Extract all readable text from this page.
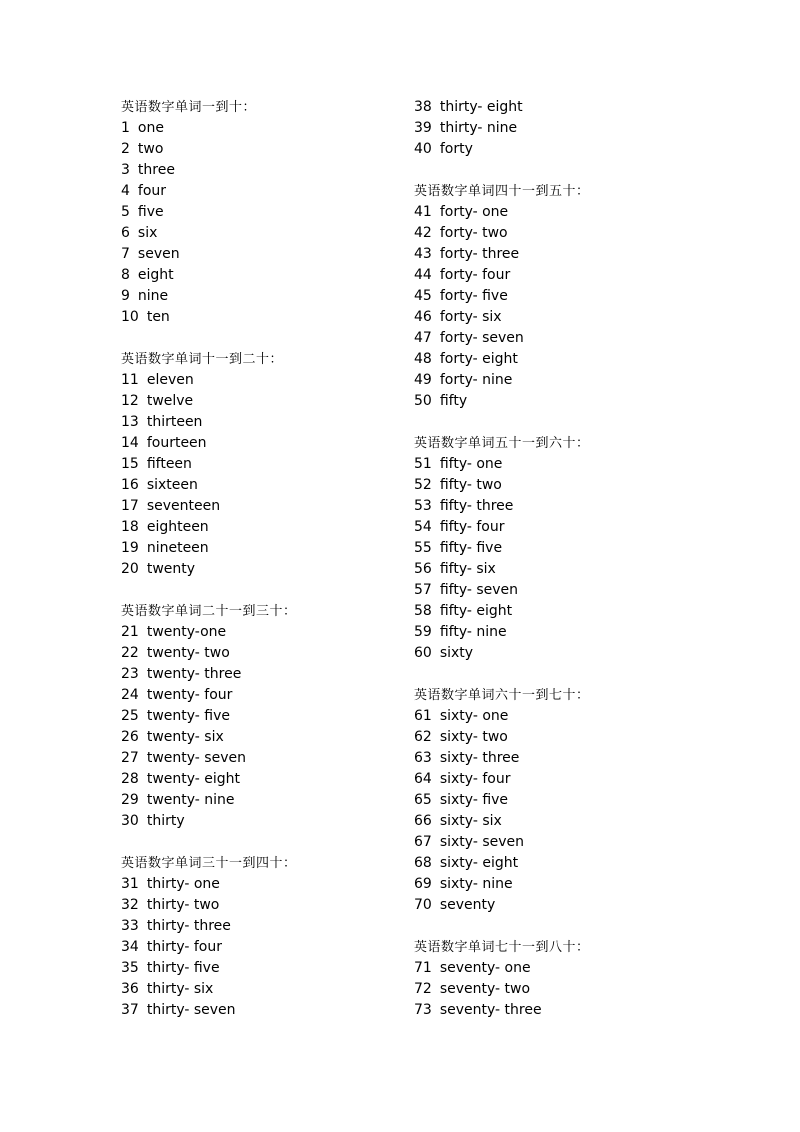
英语数字单词一到十：
1 one
2 two
3 three
4 four
5 five
6 six
7 seven
8 eight
9 nine
10 ten
英语数字单词十一到二十：
11 eleven
12 twelve
13 thirteen
14 fourteen
15 fifteen
16 sixteen
17 seventeen
18 eighteen
19 nineteen
20 twenty
英语数字单词二十一到三十：
21 twenty-one
22 twenty- two
23 twenty- three
24 twenty- four
25 twenty- five
26 twenty- six
27 twenty- seven
28 twenty- eight
29 twenty- nine
30 thirty
英语数字单词三十一到四十：
31 thirty- one
32 thirty- two
33 thirty- three
34 thirty- four
35 thirty- five
36 thirty- six
37 thirty- seven
38 thirty- eight
39 thirty- nine
40 forty
英语数字单词四十一到五十：
41 forty- one
42 forty- two
43 forty- three
44 forty- four
45 forty- five
46 forty- six
47 forty- seven
48 forty- eight
49 forty- nine
50 fifty
英语数字单词五十一到六十：
51 fifty- one
52 fifty- two
53 fifty- three
54 fifty- four
55 fifty- five
56 fifty- six
57 fifty- seven
58 fifty- eight
59 fifty- nine
60 sixty
英语数字单词六十一到七十：
61 sixty- one
62 sixty- two
63 sixty- three
64 sixty- four
65 sixty- five
66 sixty- six
67 sixty- seven
68 sixty- eight
69 sixty- nine
70 seventy
英语数字单词七十一到八十：
71 seventy- one
72 seventy- two
73 seventy- three
